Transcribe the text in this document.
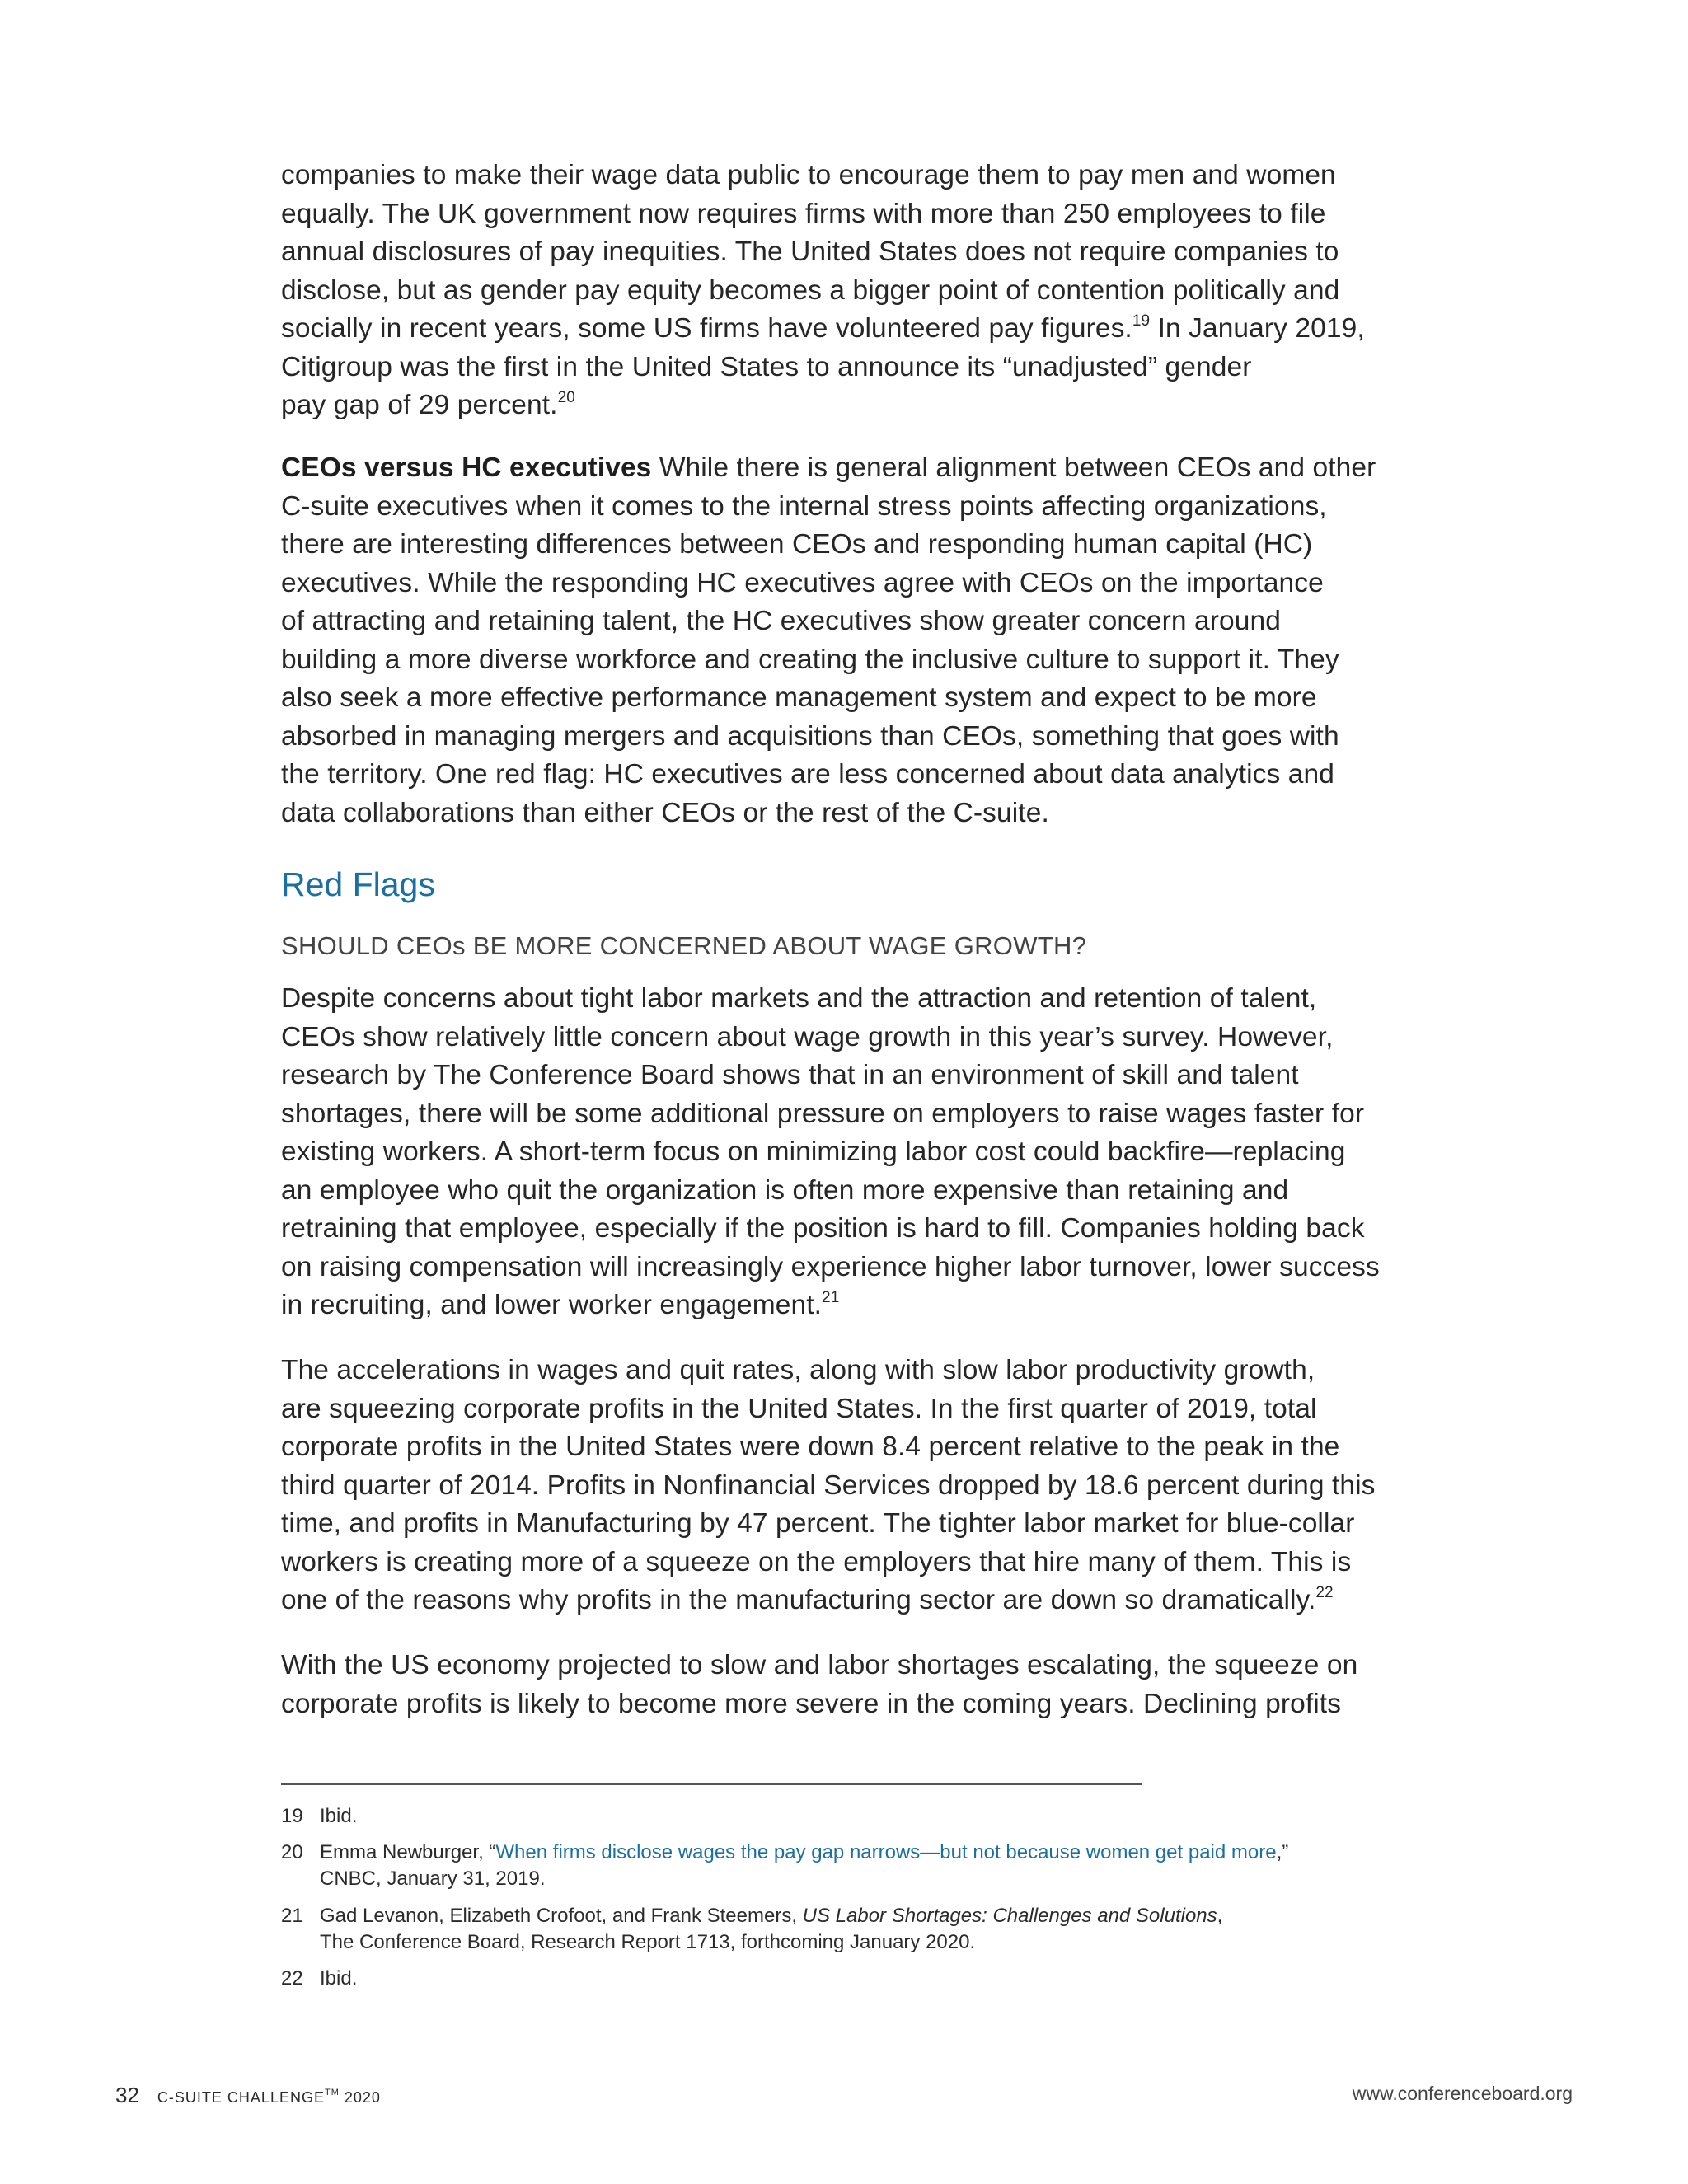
companies to make their wage data public to encourage them to pay men and women
equally. The UK government now requires firms with more than 250 employees to file
annual disclosures of pay inequities. The United States does not require companies to
disclose, but as gender pay equity becomes a bigger point of contention politically and
socially in recent years, some US firms have volunteered pay figures.$^{19}$ In January 2019,
Citigroup was the first in the United States to announce its “unadjusted” gender
pay gap of 29 percent.$^{20}$

CEOs versus HC executives While there is general alignment between CEOs and other
C-suite executives when it comes to the internal stress points affecting organizations,
there are interesting differences between CEOs and responding human capital (HC)
executives. While the responding HC executives agree with CEOs on the importance
of attracting and retaining talent, the HC executives show greater concern around
building a more diverse workforce and creating the inclusive culture to support it. They
also seek a more effective performance management system and expect to be more
absorbed in managing mergers and acquisitions than CEOs, something that goes with
the territory. One red flag: HC executives are less concerned about data analytics and
data collaborations than either CEOs or the rest of the C-suite.

Red Flags
SHOULD CEOs BE MORE CONCERNED ABOUT WAGE GROWTH?

Despite concerns about tight labor markets and the attraction and retention of talent,
CEOs show relatively little concern about wage growth in this year’s survey. However,
research by The Conference Board shows that in an environment of skill and talent
shortages, there will be some additional pressure on employers to raise wages faster for
existing workers. A short-term focus on minimizing labor cost could backfire—replacing
an employee who quit the organization is often more expensive than retaining and
retraining that employee, especially if the position is hard to fill. Companies holding back
on raising compensation will increasingly experience higher labor turnover, lower success
in recruiting, and lower worker engagement.$^{21}$

The accelerations in wages and quit rates, along with slow labor productivity growth,
are squeezing corporate profits in the United States. In the first quarter of 2019, total
corporate profits in the United States were down 8.4 percent relative to the peak in the
third quarter of 2014. Profits in Nonfinancial Services dropped by 18.6 percent during this
time, and profits in Manufacturing by 47 percent. The tighter labor market for blue-collar
workers is creating more of a squeeze on the employers that hire many of them. This is
one of the reasons why profits in the manufacturing sector are down so dramatically.$^{22}$

With the US economy projected to slow and labor shortages escalating, the squeeze on
corporate profits is likely to become more severe in the coming years. Declining profits

19 Ibid.
20 Emma Newburger, “When firms disclose wages the pay gap narrows—but not because women get paid more,”
CNBC, January 31, 2019.
21 Gad Levanon, Elizabeth Crofoot, and Frank Steemers, US Labor Shortages: Challenges and Solutions,
The Conference Board, Research Report 1713, forthcoming January 2020.
22 Ibid.
32 C-SUITE CHALLENGE™ 2020	www.conferenceboard.org
